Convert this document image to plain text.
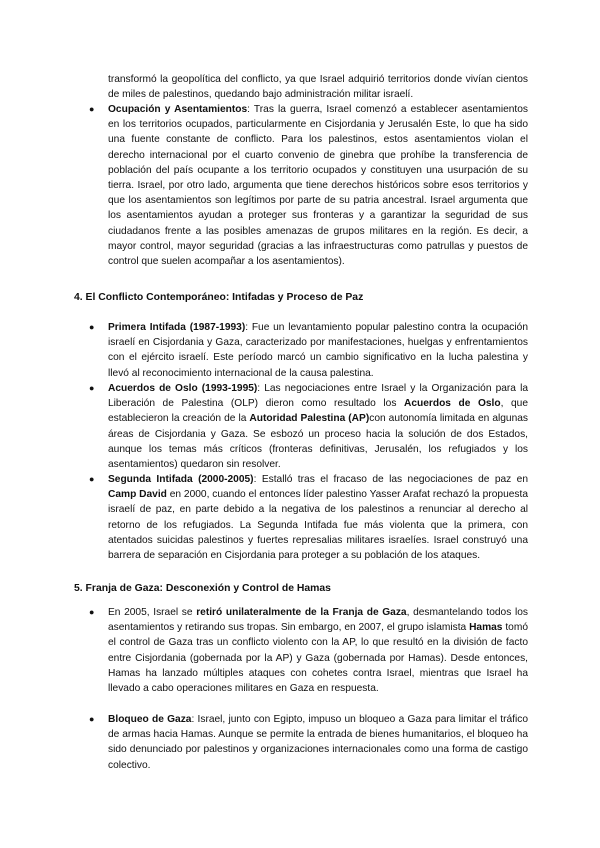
transformó la geopolítica del conflicto, ya que Israel adquirió territorios donde vivían cientos de miles de palestinos, quedando bajo administración militar israelí.
● Ocupación y Asentamientos: Tras la guerra, Israel comenzó a establecer asentamientos en los territorios ocupados, particularmente en Cisjordania y Jerusalén Este, lo que ha sido una fuente constante de conflicto. Para los palestinos, estos asentamientos violan el derecho internacional por el cuarto convenio de ginebra que prohíbe la transferencia de población del país ocupante a los territorio ocupados y constituyen una usurpación de su tierra. Israel, por otro lado, argumenta que tiene derechos históricos sobre esos territorios y que los asentamientos son legítimos por parte de su patria ancestral. Israel argumenta que los asentamientos ayudan a proteger sus fronteras y a garantizar la seguridad de sus ciudadanos frente a las posibles amenazas de grupos militares en la región. Es decir, a mayor control, mayor seguridad (gracias a las infraestructuras como patrullas y puestos de control que suelen acompañar a los asentamientos).
4. El Conflicto Contemporáneo: Intifadas y Proceso de Paz
● Primera Intifada (1987-1993): Fue un levantamiento popular palestino contra la ocupación israelí en Cisjordania y Gaza, caracterizado por manifestaciones, huelgas y enfrentamientos con el ejército israelí. Este período marcó un cambio significativo en la lucha palestina y llevó al reconocimiento internacional de la causa palestina.
● Acuerdos de Oslo (1993-1995): Las negociaciones entre Israel y la Organización para la Liberación de Palestina (OLP) dieron como resultado los Acuerdos de Oslo, que establecieron la creación de la Autoridad Palestina (AP)con autonomía limitada en algunas áreas de Cisjordania y Gaza. Se esbozó un proceso hacia la solución de dos Estados, aunque los temas más críticos (fronteras definitivas, Jerusalén, los refugiados y los asentamientos) quedaron sin resolver.
● Segunda Intifada (2000-2005): Estalló tras el fracaso de las negociaciones de paz en Camp David en 2000, cuando el entonces líder palestino Yasser Arafat rechazó la propuesta israelí de paz, en parte debido a la negativa de los palestinos a renunciar al derecho al retorno de los refugiados. La Segunda Intifada fue más violenta que la primera, con atentados suicidas palestinos y fuertes represalias militares israelíes. Israel construyó una barrera de separación en Cisjordania para proteger a su población de los ataques.
5. Franja de Gaza: Desconexión y Control de Hamas
● En 2005, Israel se retiró unilateralmente de la Franja de Gaza, desmantelando todos los asentamientos y retirando sus tropas. Sin embargo, en 2007, el grupo islamista Hamas tomó el control de Gaza tras un conflicto violento con la AP, lo que resultó en la división de facto entre Cisjordania (gobernada por la AP) y Gaza (gobernada por Hamas). Desde entonces, Hamas ha lanzado múltiples ataques con cohetes contra Israel, mientras que Israel ha llevado a cabo operaciones militares en Gaza en respuesta.
● Bloqueo de Gaza: Israel, junto con Egipto, impuso un bloqueo a Gaza para limitar el tráfico de armas hacia Hamas. Aunque se permite la entrada de bienes humanitarios, el bloqueo ha sido denunciado por palestinos y organizaciones internacionales como una forma de castigo colectivo.
